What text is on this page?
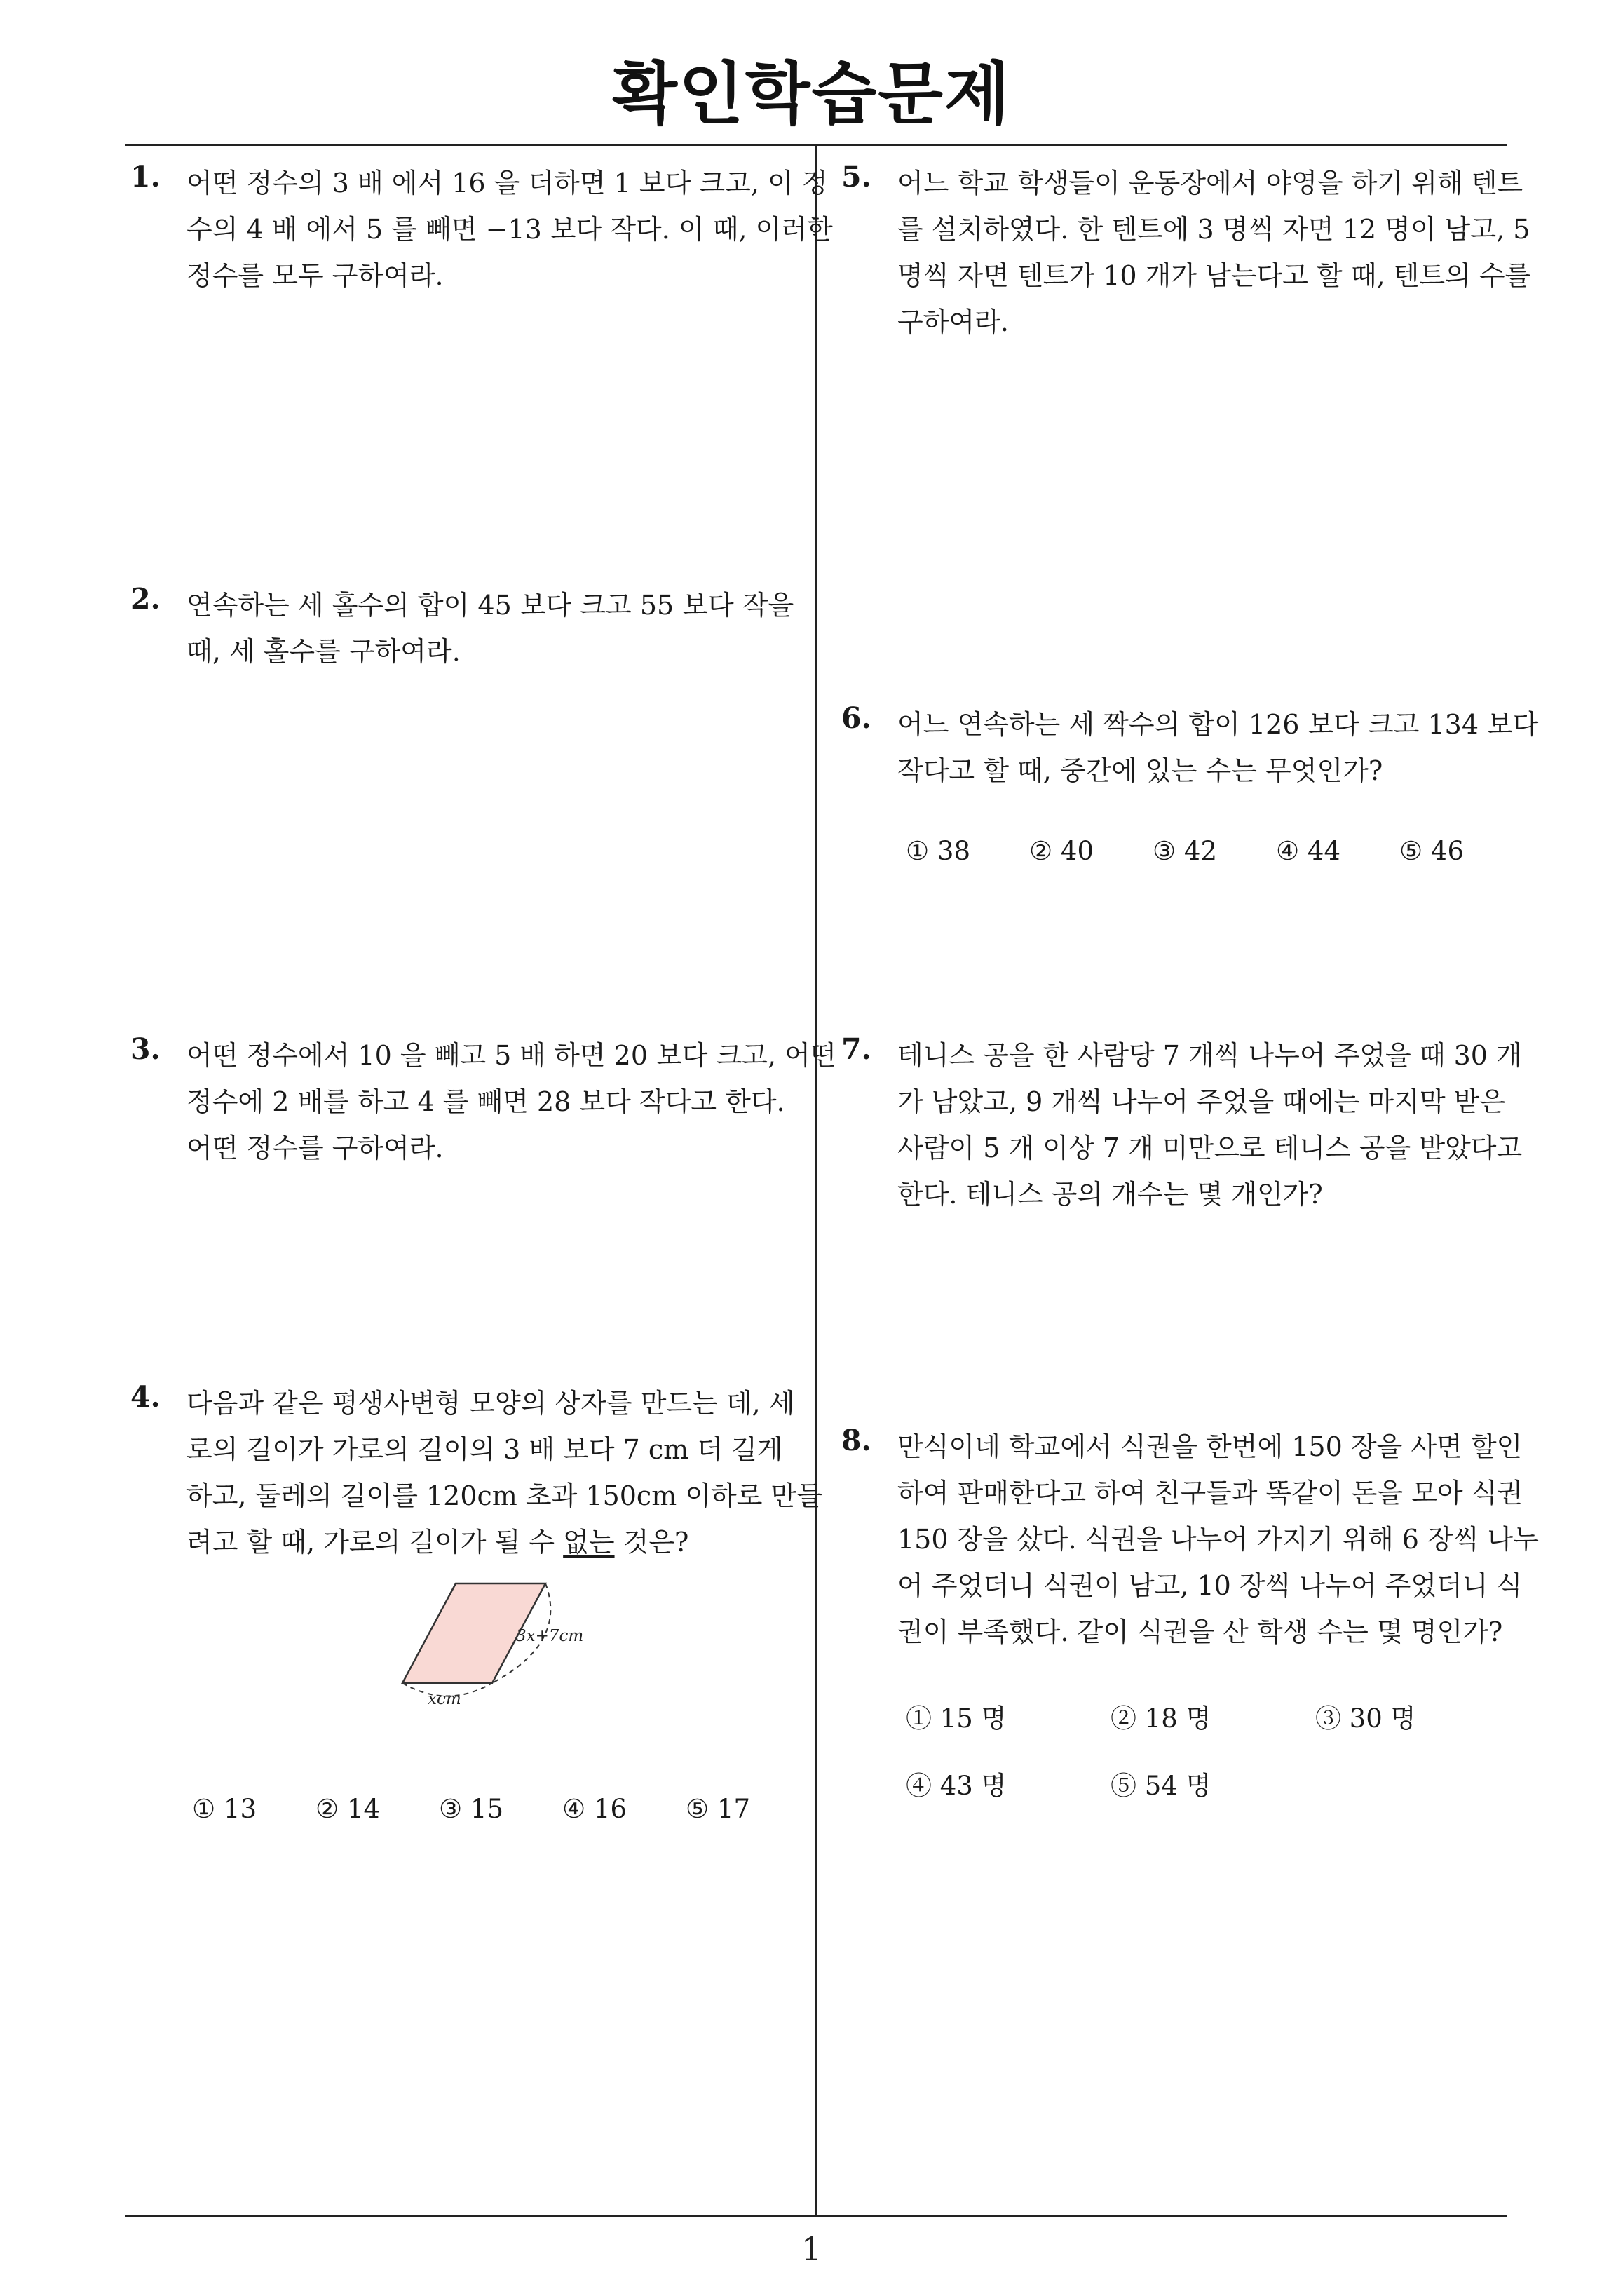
확인학습문제
1. 어떤 정수의 3 배 에서 16 을 더하면 1 보다 크고, 이 정
수의 4 배 에서 5 를 빼면 −13 보다 작다. 이 때, 이러한
정수를 모두 구하여라.
2. 연속하는 세 홀수의 합이 45 보다 크고 55 보다 작을
때, 세 홀수를 구하여라.
3. 어떤 정수에서 10 을 빼고 5 배 하면 20 보다 크고, 어떤
정수에 2 배를 하고 4 를 빼면 28 보다 작다고 한다.
어떤 정수를 구하여라.
4. 다음과 같은 평생사변형 모양의 상자를 만드는 데, 세
로의 길이가 가로의 길이의 3 배 보다 7 cm 더 길게
하고, 둘레의 길이를 120cm 초과 150cm 이하로 만들
려고 할 때, 가로의 길이가 될 수 없는 것은?
3x+7cm
xcm
① 13 ② 14 ③ 15 ④ 16 ⑤ 17
5. 어느 학교 학생들이 운동장에서 야영을 하기 위해 텐트
를 설치하였다. 한 텐트에 3 명씩 자면 12 명이 남고, 5
명씩 자면 텐트가 10 개가 남는다고 할 때, 텐트의 수를
구하여라.
6. 어느 연속하는 세 짝수의 합이 126 보다 크고 134 보다
작다고 할 때, 중간에 있는 수는 무엇인가?
① 38 ② 40 ③ 42 ④ 44 ⑤ 46
7. 테니스 공을 한 사람당 7 개씩 나누어 주었을 때 30 개
가 남았고, 9 개씩 나누어 주었을 때에는 마지막 받은
사람이 5 개 이상 7 개 미만으로 테니스 공을 받았다고
한다. 테니스 공의 개수는 몇 개인가?
8. 만식이네 학교에서 식권을 한번에 150 장을 사면 할인
하여 판매한다고 하여 친구들과 똑같이 돈을 모아 식권
150 장을 샀다. 식권을 나누어 가지기 위해 6 장씩 나누
어 주었더니 식권이 남고, 10 장씩 나누어 주었더니 식
권이 부족했다. 같이 식권을 산 학생 수는 몇 명인가?
① 15 명	② 18 명	③ 30 명
④ 43 명	⑤ 54 명
1
